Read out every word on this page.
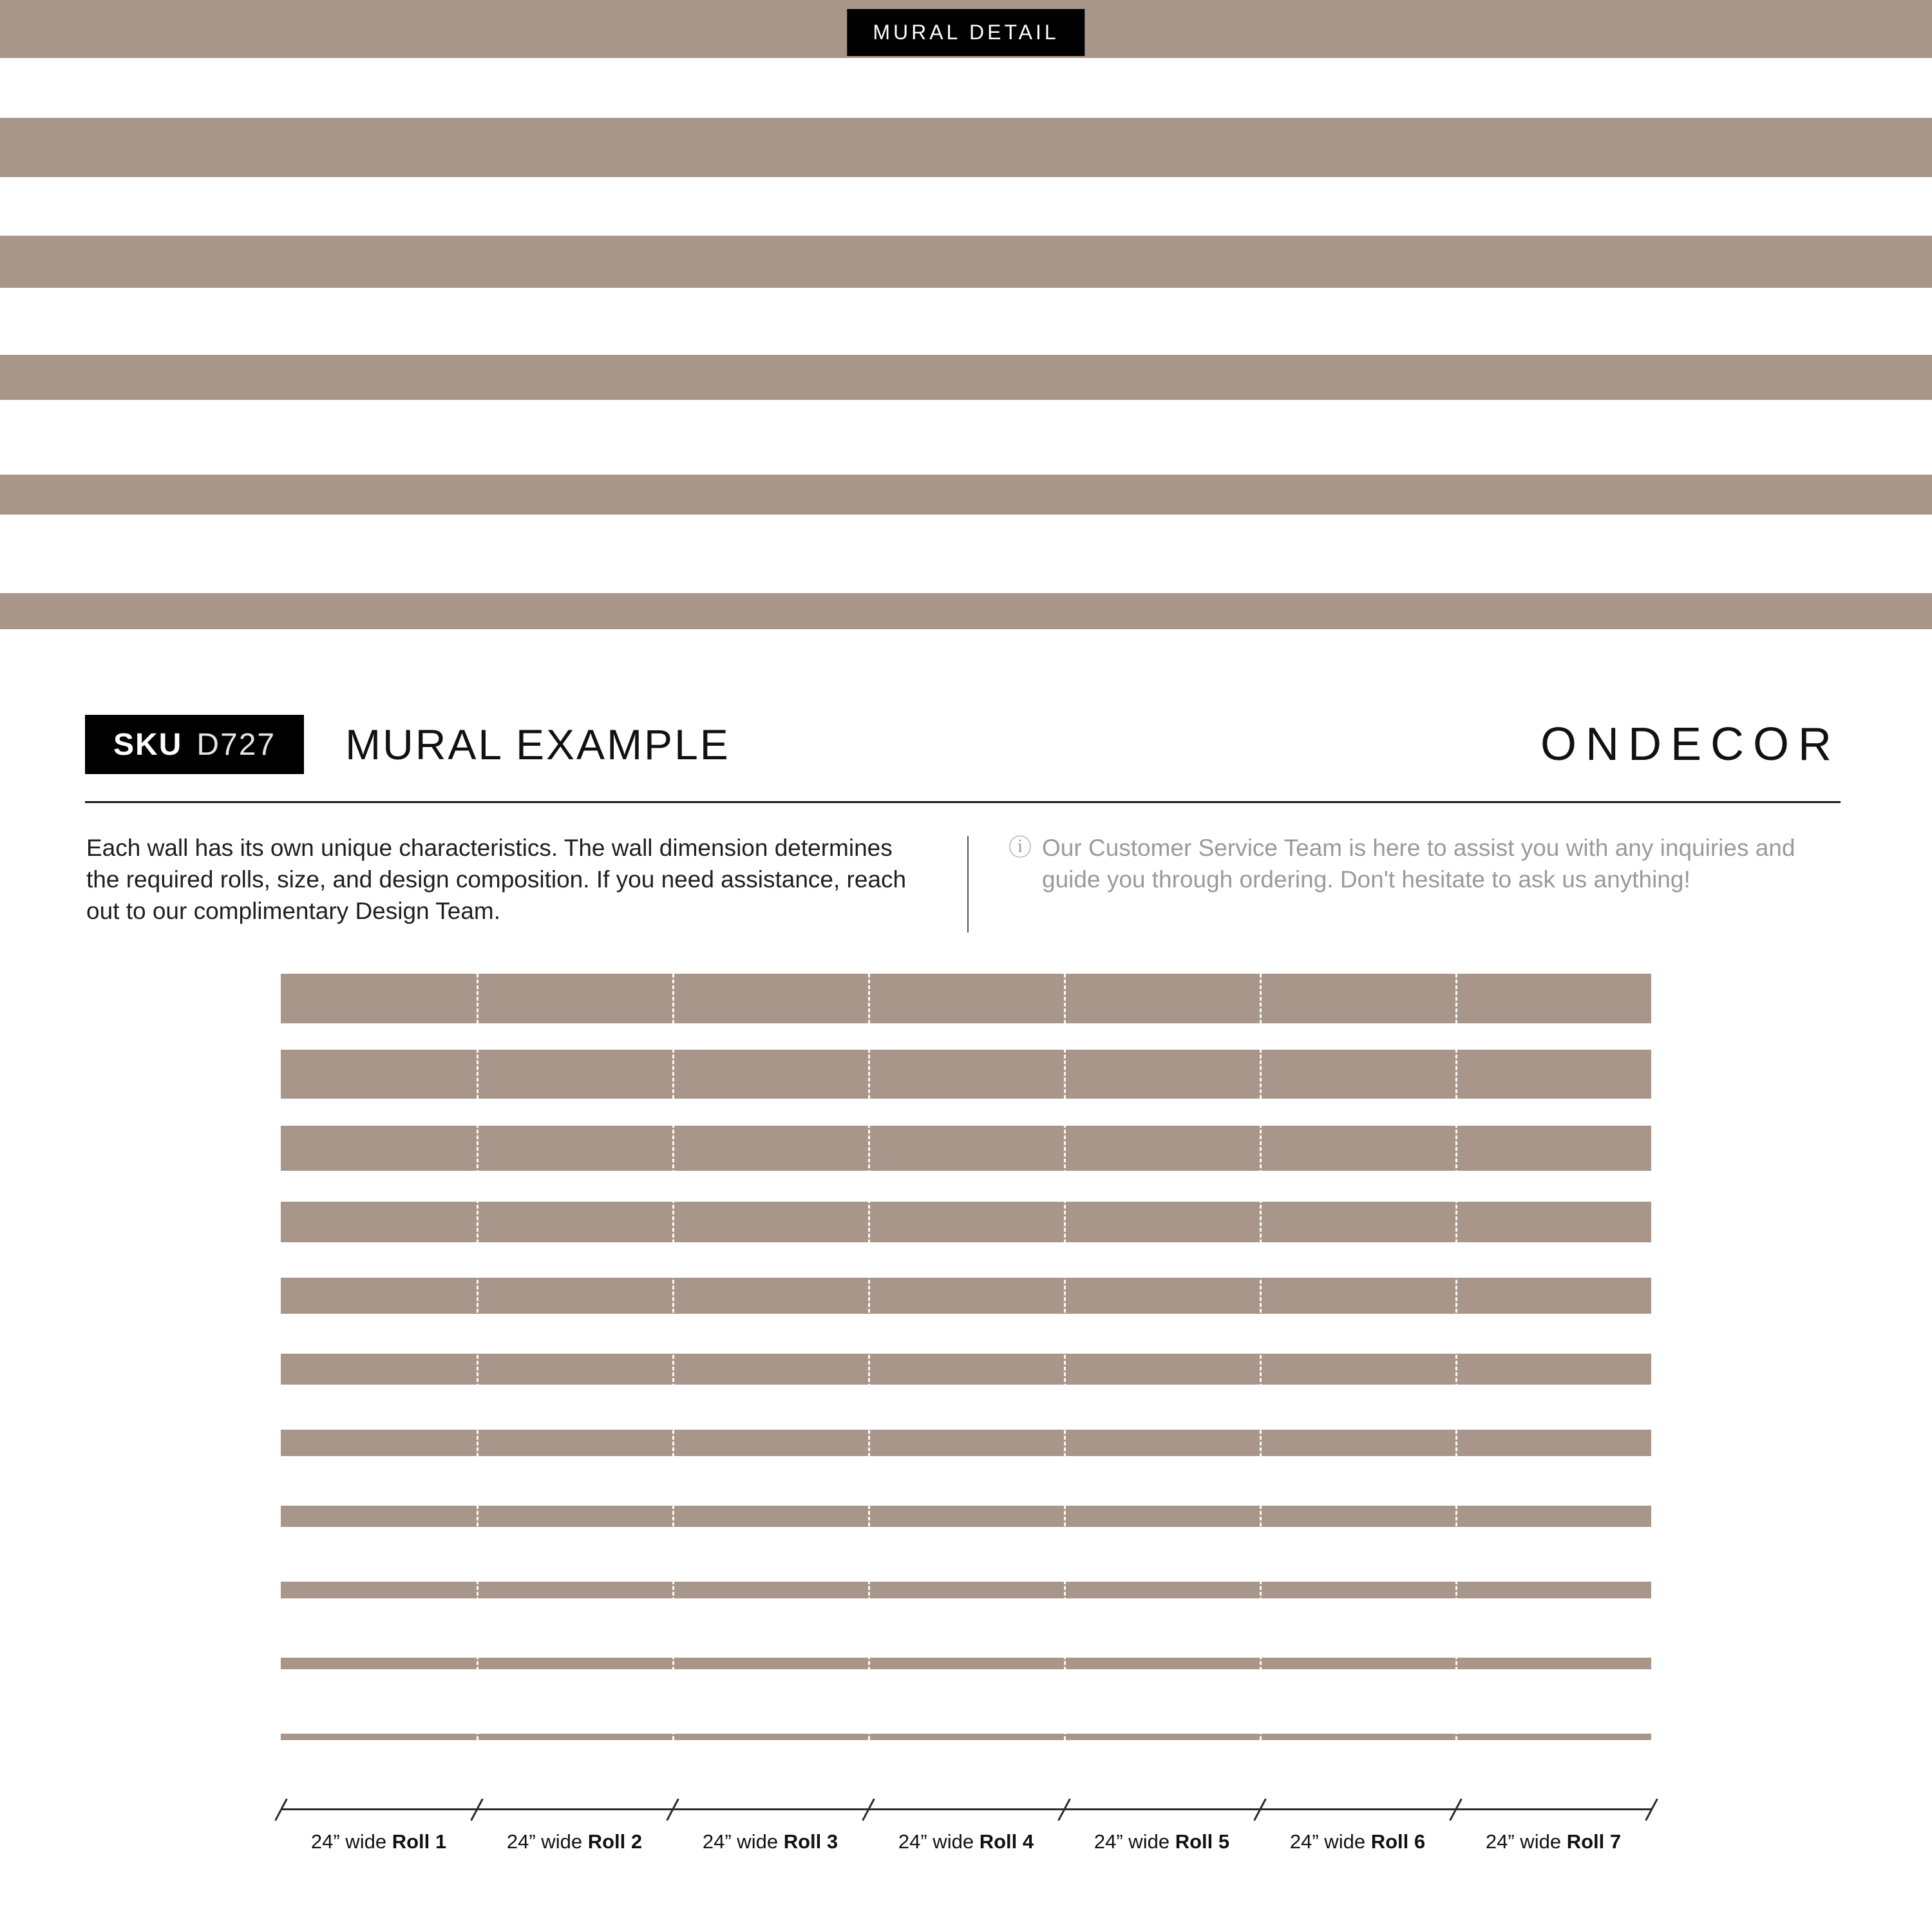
MURAL DETAIL
SKU D727 MURAL EXAMPLE	ONDECOR
Each wall has its own unique characteristics. The wall dimension determines the required rolls, size, and design composition. If you need assistance, reach out to our complimentary Design Team.
ⓘ Our Customer Service Team is here to assist you with any inquiries and guide you through ordering. Don't hesitate to ask us anything!
24” wide Roll 1	24” wide Roll 2	24” wide Roll 3	24” wide Roll 4	24” wide Roll 5	24” wide Roll 6	24” wide Roll 7
